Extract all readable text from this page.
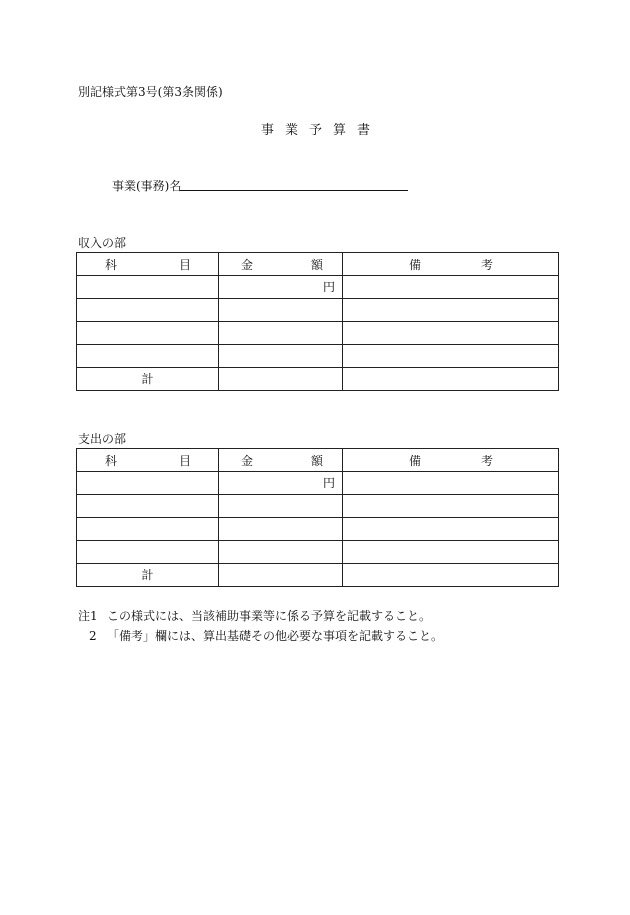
別記様式第3号(第3条関係)
事業予算書
事業(事務)名
収入の部
科 目	金 額	備 考

	円	

計		
支出の部
科 目	金 額	備 考

	円	

計		
注1 この様式には、当該補助事業等に係る予算を記載すること。
2 「備考」欄には、算出基礎その他必要な事項を記載すること。
